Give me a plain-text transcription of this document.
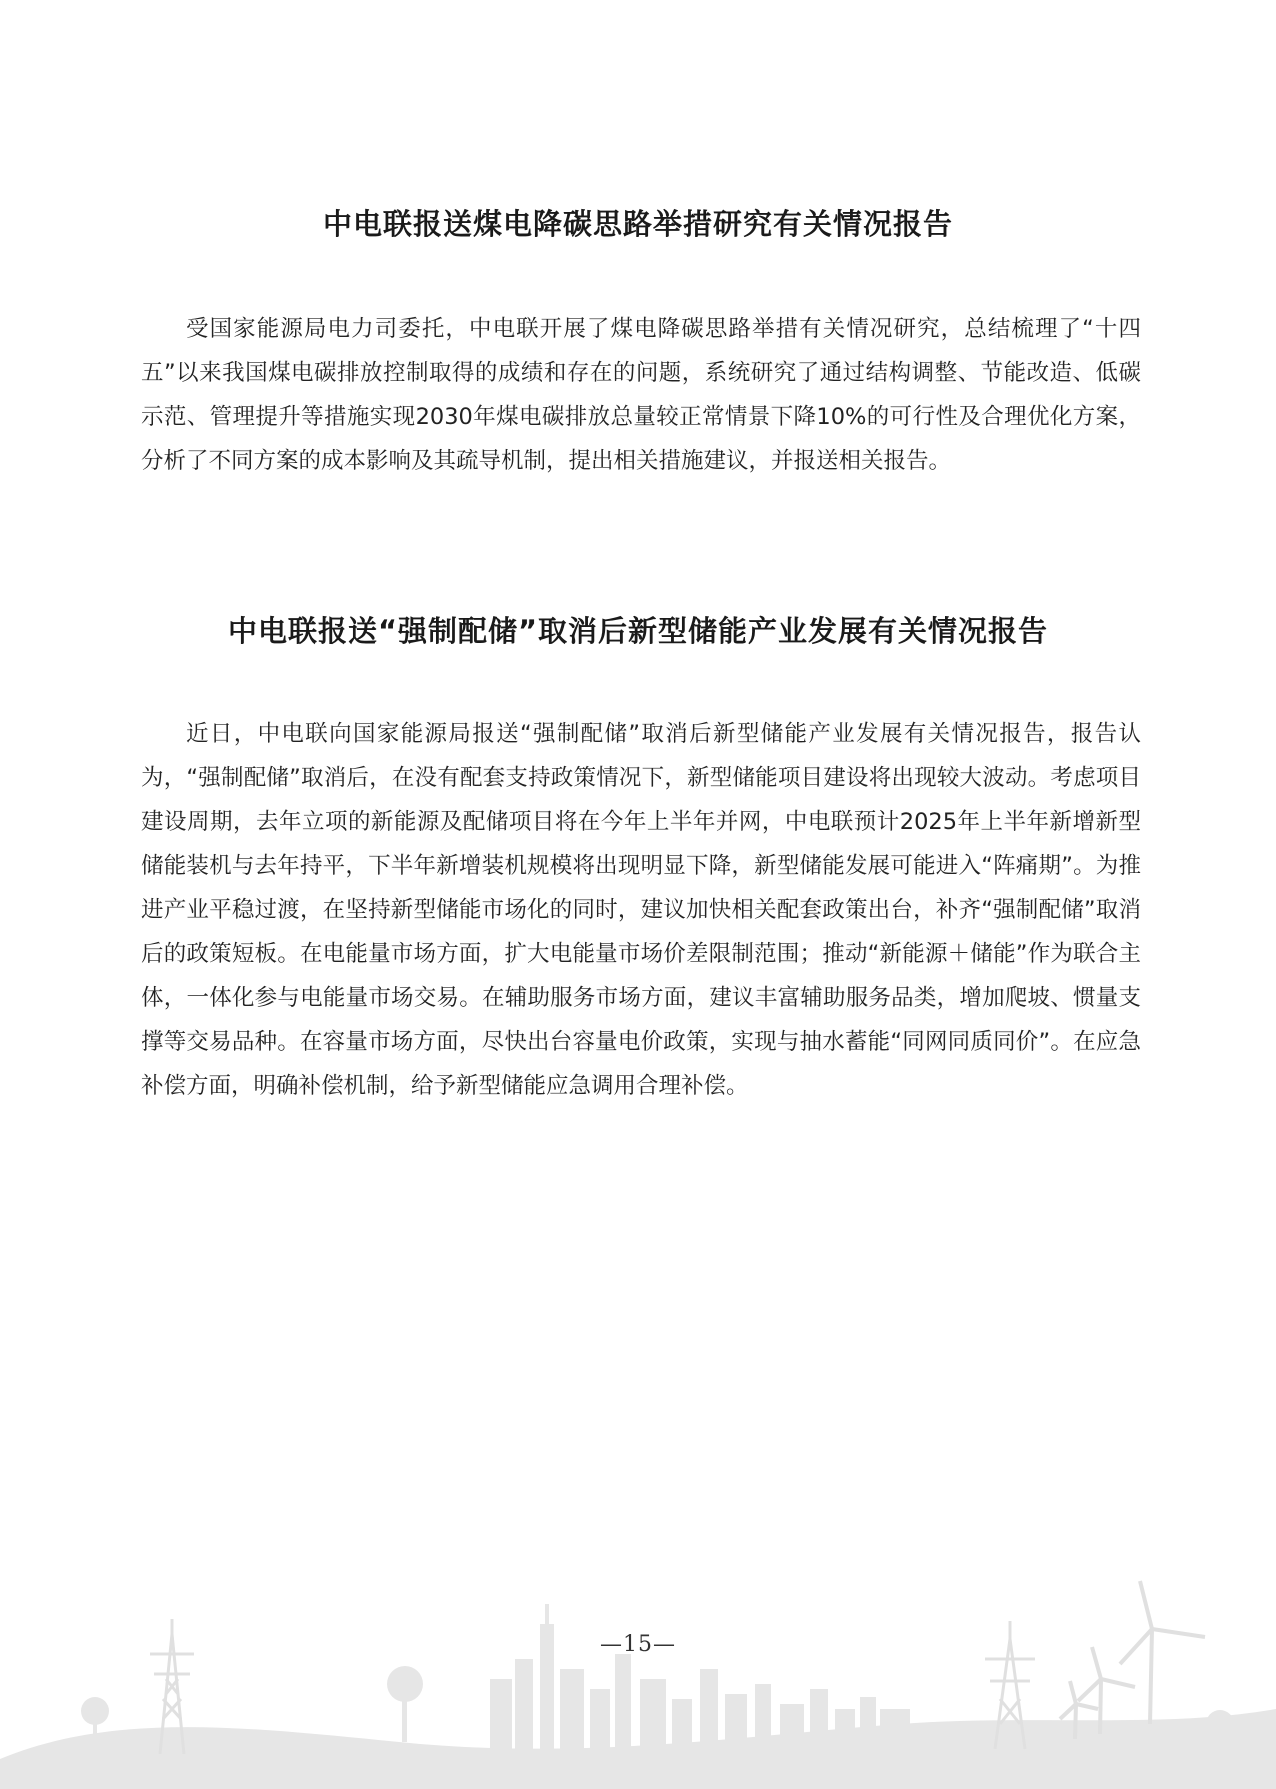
中电联报送煤电降碳思路举措研究有关情况报告

受国家能源局电力司委托，中电联开展了煤电降碳思路举措有关情况研究，总结梳理了“十四五”以来我国煤电碳排放控制取得的成绩和存在的问题，系统研究了通过结构调整、节能改造、低碳示范、管理提升等措施实现2030年煤电碳排放总量较正常情景下降10%的可行性及合理优化方案，分析了不同方案的成本影响及其疏导机制，提出相关措施建议，并报送相关报告。

中电联报送“强制配储”取消后新型储能产业发展有关情况报告

近日，中电联向国家能源局报送“强制配储”取消后新型储能产业发展有关情况报告，报告认为，“强制配储”取消后，在没有配套支持政策情况下，新型储能项目建设将出现较大波动。考虑项目建设周期，去年立项的新能源及配储项目将在今年上半年并网，中电联预计2025年上半年新增新型储能装机与去年持平，下半年新增装机规模将出现明显下降，新型储能发展可能进入“阵痛期”。为推进产业平稳过渡，在坚持新型储能市场化的同时，建议加快相关配套政策出台，补齐“强制配储”取消后的政策短板。在电能量市场方面，扩大电能量市场价差限制范围；推动“新能源＋储能”作为联合主体，一体化参与电能量市场交易。在辅助服务市场方面，建议丰富辅助服务品类，增加爬坡、惯量支撑等交易品种。在容量市场方面，尽快出台容量电价政策，实现与抽水蓄能“同网同质同价”。在应急补偿方面，明确补偿机制，给予新型储能应急调用合理补偿。

—15—
